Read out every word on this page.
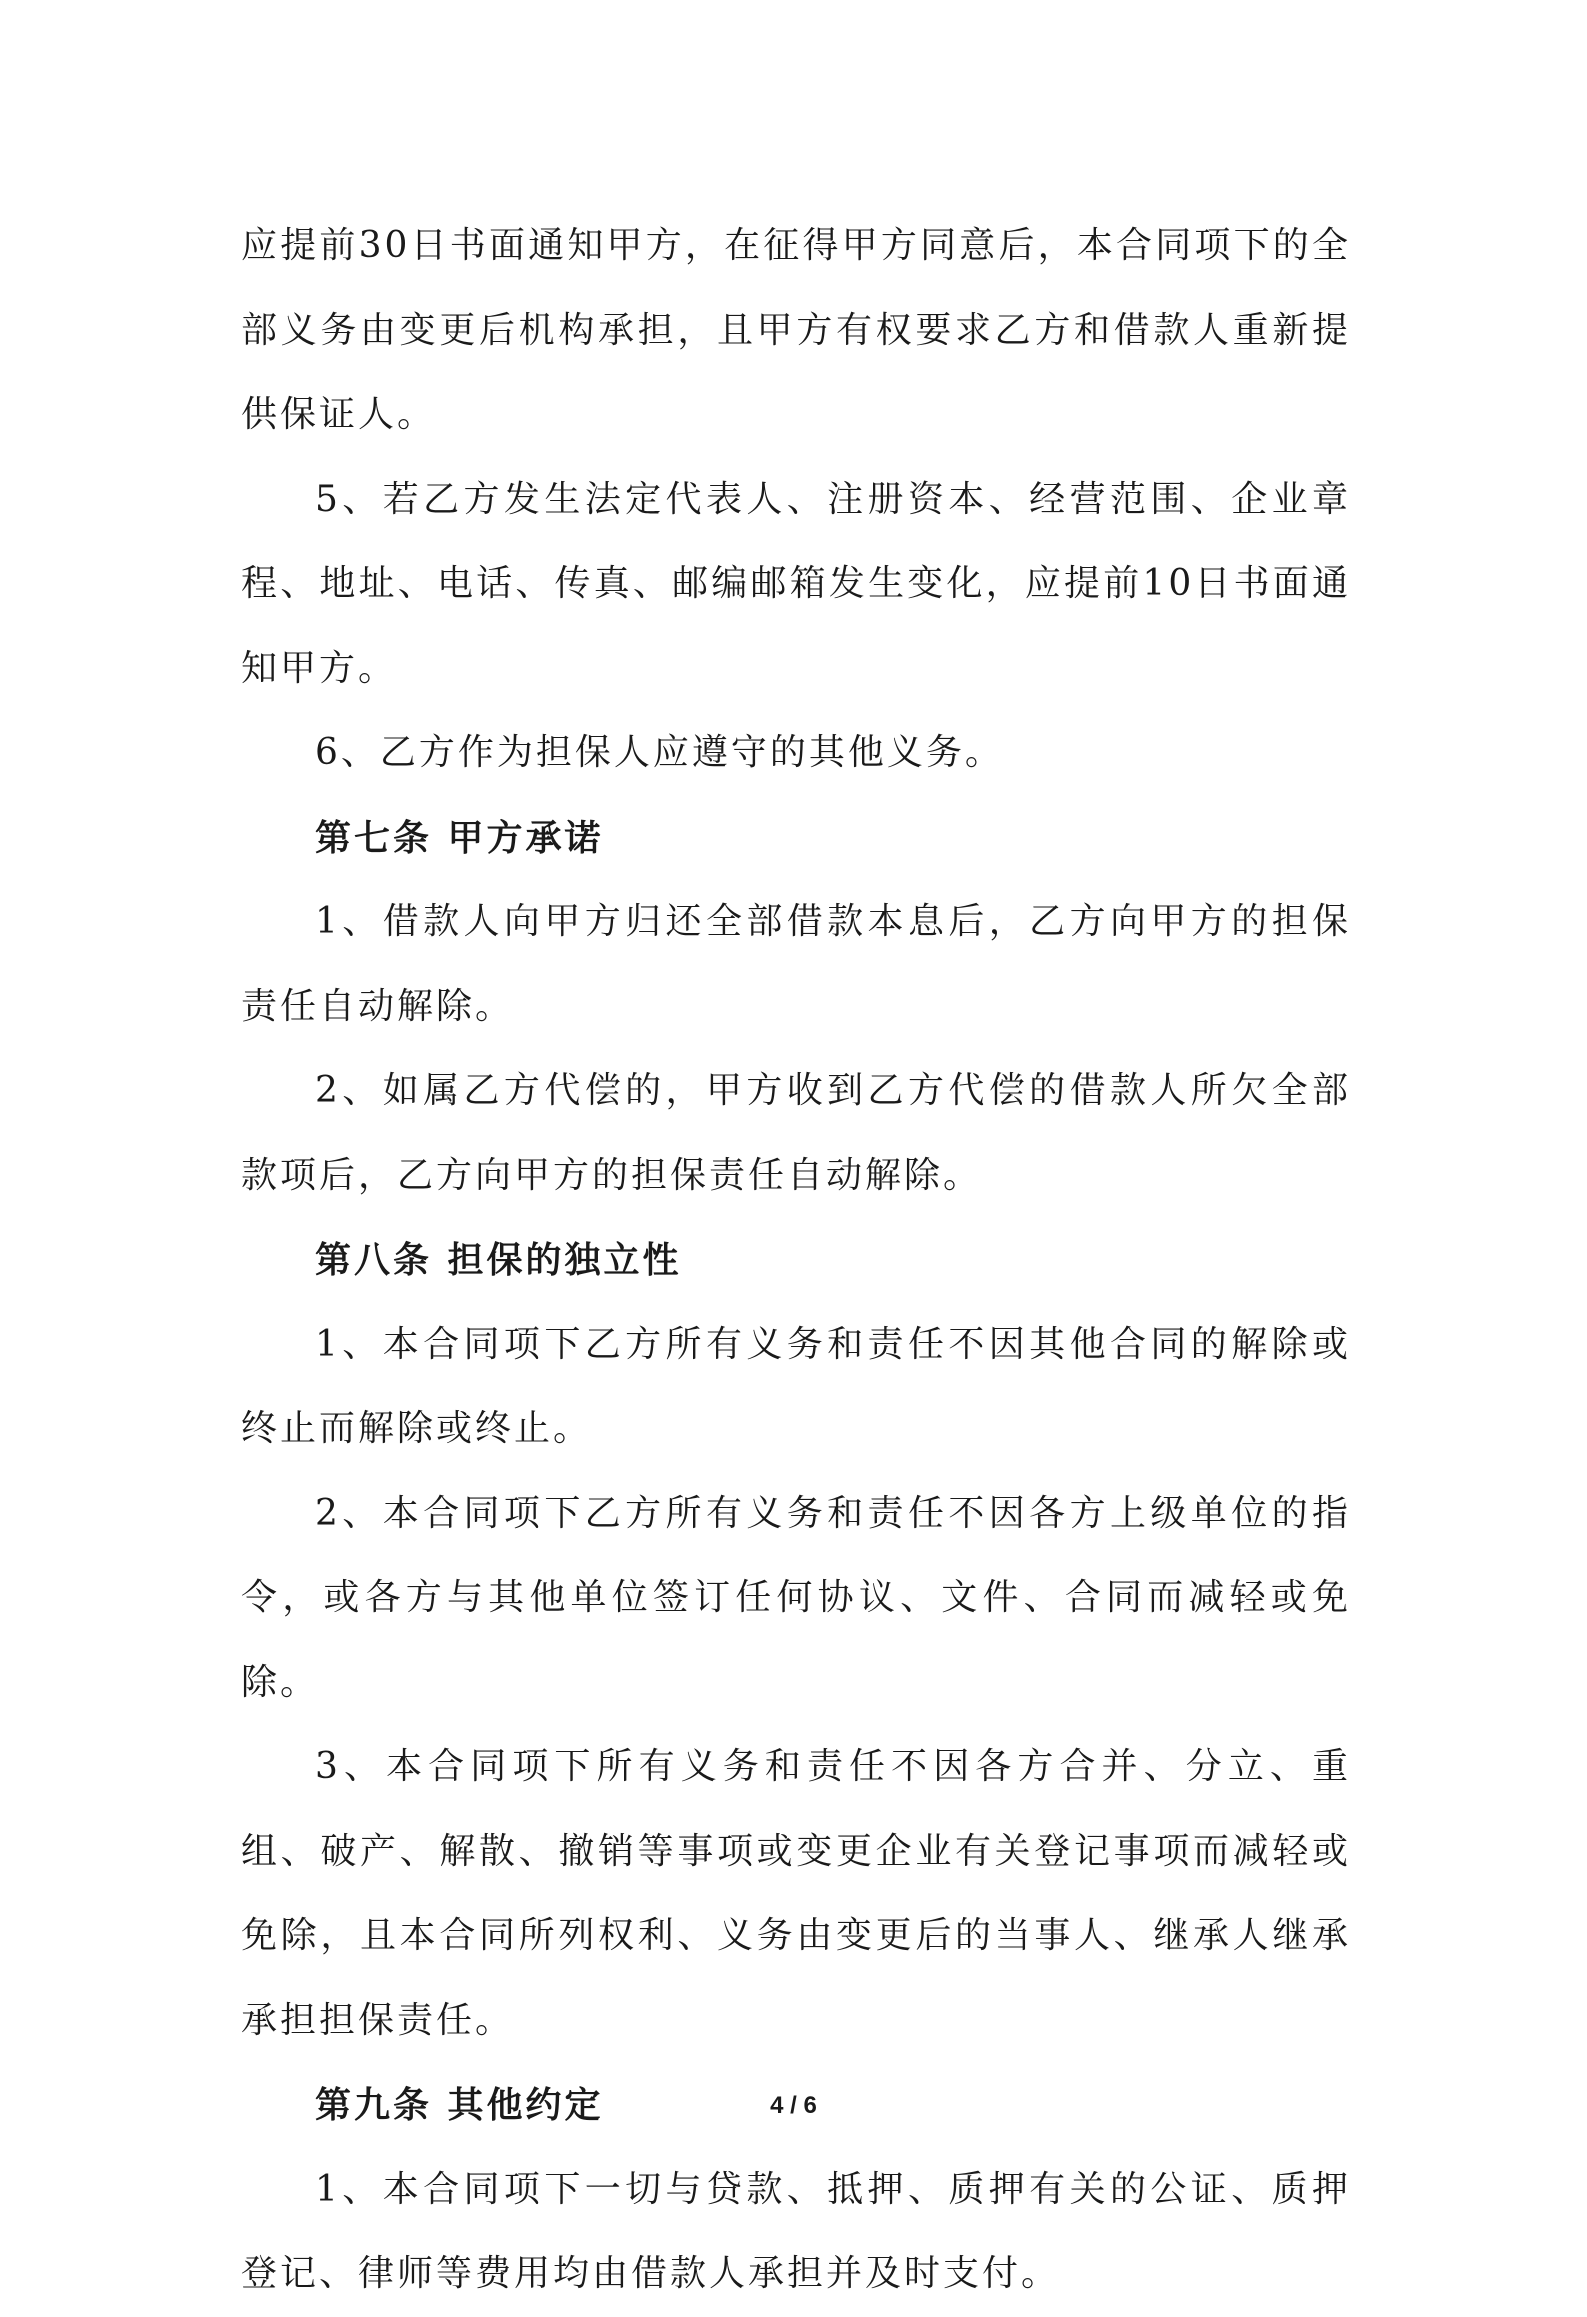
应提前30日书面通知甲方，在征得甲方同意后，本合同项下的全部义务由变更后机构承担，且甲方有权要求乙方和借款人重新提供保证人。

5、若乙方发生法定代表人、注册资本、经营范围、企业章程、地址、电话、传真、邮编邮箱发生变化，应提前10日书面通知甲方。

6、乙方作为担保人应遵守的其他义务。

第七条 甲方承诺

1、借款人向甲方归还全部借款本息后，乙方向甲方的担保责任自动解除。

2、如属乙方代偿的，甲方收到乙方代偿的借款人所欠全部款项后，乙方向甲方的担保责任自动解除。

第八条 担保的独立性

1、本合同项下乙方所有义务和责任不因其他合同的解除或终止而解除或终止。

2、本合同项下乙方所有义务和责任不因各方上级单位的指令，或各方与其他单位签订任何协议、文件、合同而减轻或免除。

3、本合同项下所有义务和责任不因各方合并、分立、重组、破产、解散、撤销等事项或变更企业有关登记事项而减轻或免除，且本合同所列权利、义务由变更后的当事人、继承人继承承担担保责任。

第九条 其他约定

1、本合同项下一切与贷款、抵押、质押有关的公证、质押登记、律师等费用均由借款人承担并及时支付。

4 / 6
